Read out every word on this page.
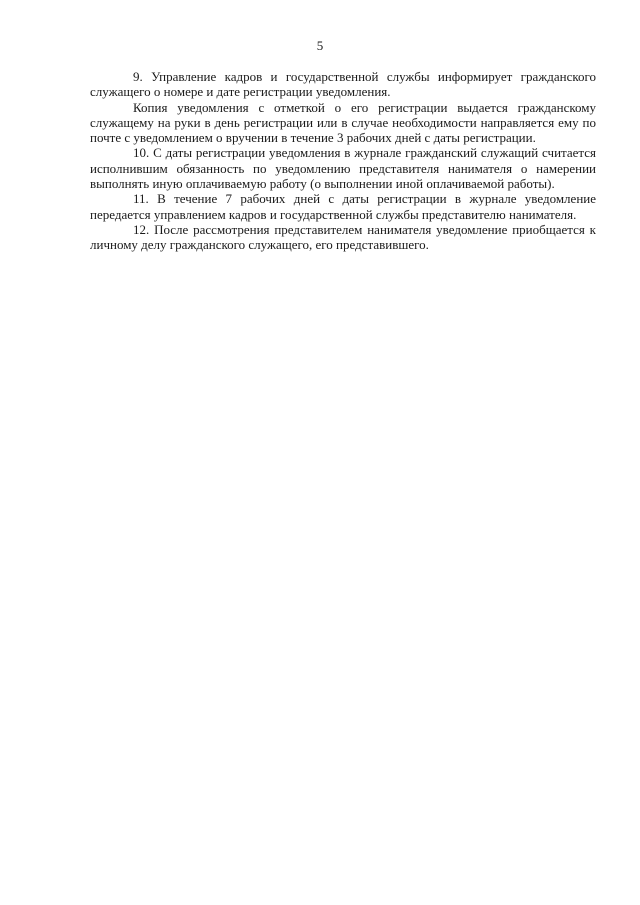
5

9. Управление кадров и государственной службы информирует гражданского служащего о номере и дате регистрации уведомления.

Копия уведомления с отметкой о его регистрации выдается гражданскому служащему на руки в день регистрации или в случае необходимости направляется ему по почте с уведомлением о вручении в течение 3 рабочих дней с даты регистрации.

10. С даты регистрации уведомления в журнале гражданский служащий считается исполнившим обязанность по уведомлению представителя нанимателя о намерении выполнять иную оплачиваемую работу (о выполнении иной оплачиваемой работы).

11. В течение 7 рабочих дней с даты регистрации в журнале уведомление передается управлением кадров и государственной службы представителю нанимателя.

12. После рассмотрения представителем нанимателя уведомление приобщается к личному делу гражданского служащего, его представившего.
